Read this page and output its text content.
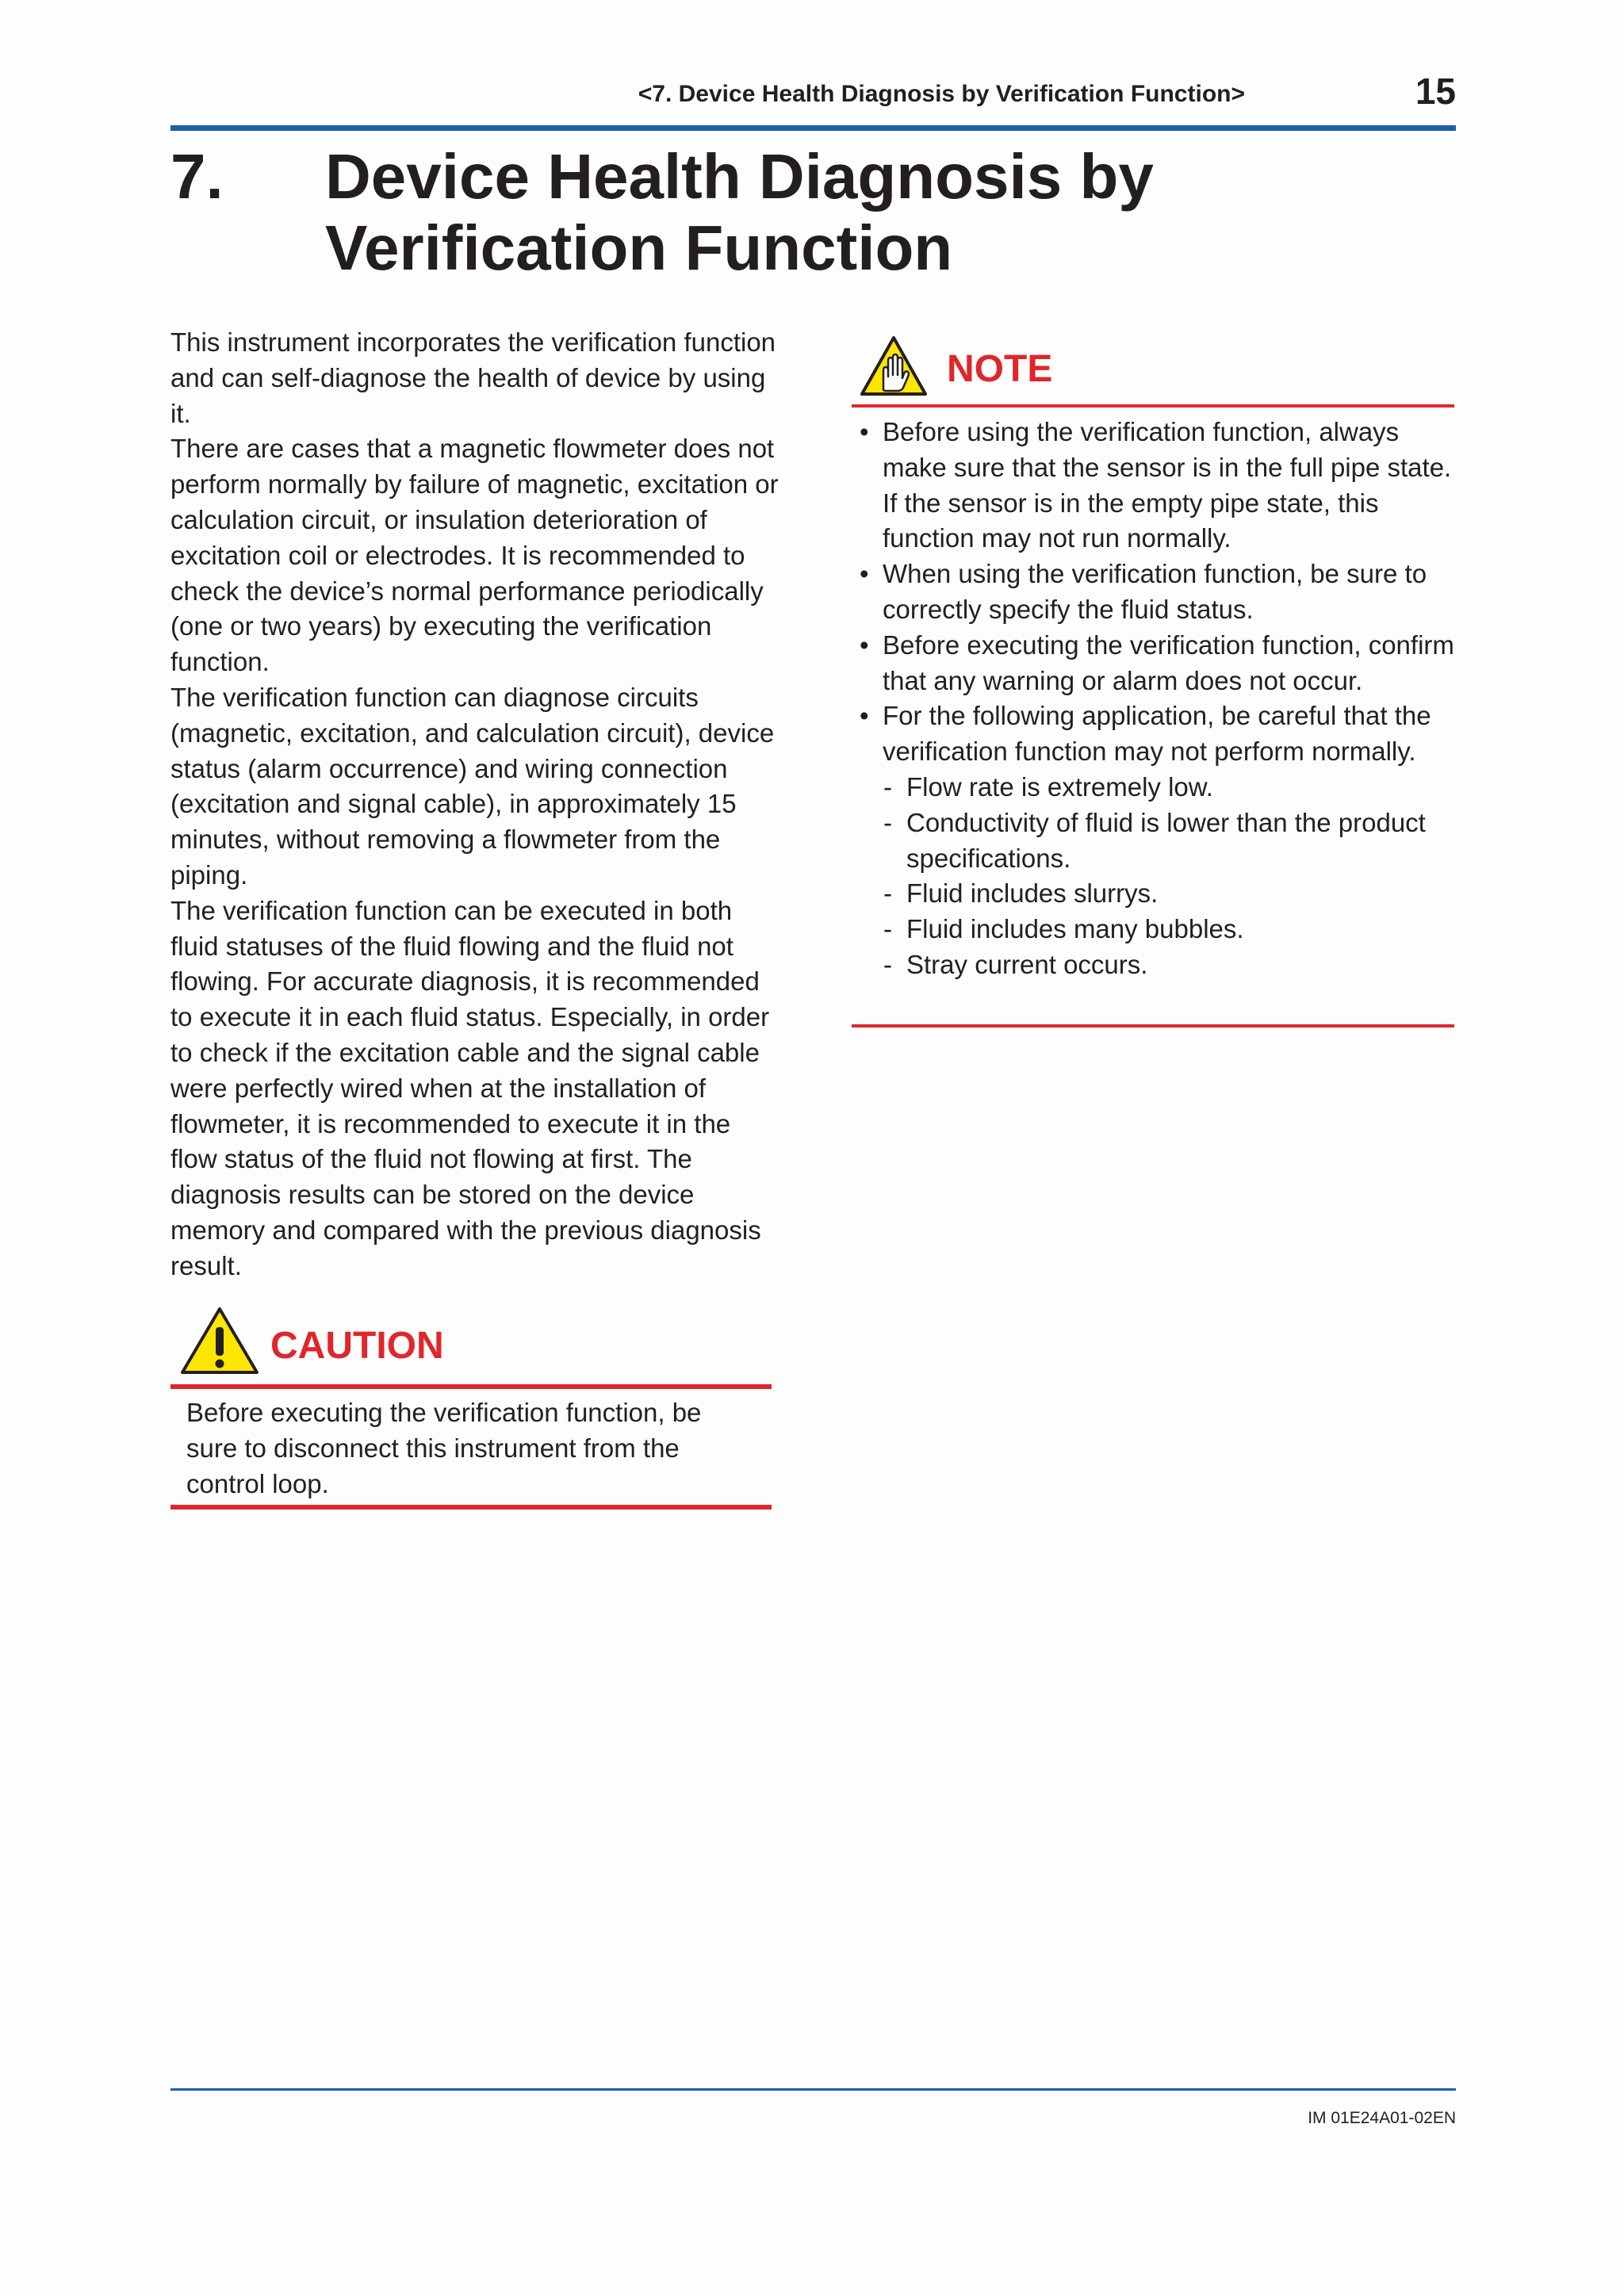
<7. Device Health Diagnosis by Verification Function>	15
7. Device Health Diagnosis by
Verification Function

This instrument incorporates the verification function and can self-diagnose the health of device by using it.

There are cases that a magnetic flowmeter does not perform normally by failure of magnetic, excitation or calculation circuit, or insulation deterioration of excitation coil or electrodes. It is recommended to check the device’s normal performance periodically (one or two years) by executing the verification function.

The verification function can diagnose circuits (magnetic, excitation, and calculation circuit), device status (alarm occurrence) and wiring connection (excitation and signal cable), in approximately 15 minutes, without removing a flowmeter from the piping.

The verification function can be executed in both fluid statuses of the fluid flowing and the fluid not flowing. For accurate diagnosis, it is recommended to execute it in each fluid status. Especially, in order to check if the excitation cable and the signal cable were perfectly wired when at the installation of flowmeter, it is recommended to execute it in the flow status of the fluid not flowing at first. The diagnosis results can be stored on the device memory and compared with the previous diagnosis result.

CAUTION
Before executing the verification function, be sure to disconnect this instrument from the control loop.
NOTE
• Before using the verification function, always make sure that the sensor is in the full pipe state. If the sensor is in the empty pipe state, this function may not run normally.
• When using the verification function, be sure to correctly specify the fluid status.
• Before executing the verification function, confirm that any warning or alarm does not occur.
• For the following application, be careful that the verification function may not perform normally.
- Flow rate is extremely low.
- Conductivity of fluid is lower than the product specifications.
- Fluid includes slurrys.
- Fluid includes many bubbles.
- Stray current occurs.
IM 01E24A01-02EN
